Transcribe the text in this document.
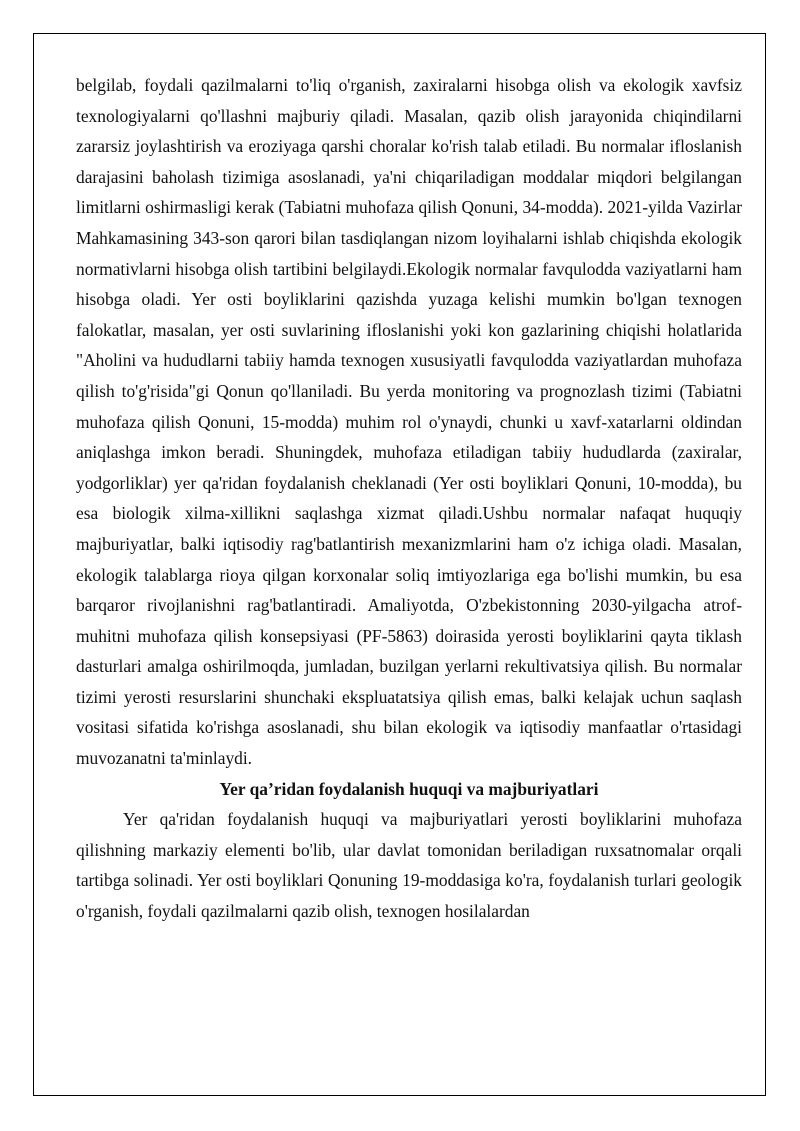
belgilab, foydali qazilmalarni to'liq o'rganish, zaxiralarni hisobga olish va ekologik xavfsiz texnologiyalarni qo'llashni majburiy qiladi. Masalan, qazib olish jarayonida chiqindilarni zararsiz joylashtirish va eroziyaga qarshi choralar ko'rish talab etiladi. Bu normalar ifloslanish darajasini baholash tizimiga asoslanadi, ya'ni chiqariladigan moddalar miqdori belgilangan limitlarni oshirmasligi kerak (Tabiatni muhofaza qilish Qonuni, 34-modda). 2021-yilda Vazirlar Mahkamasining 343-son qarori bilan tasdiqlangan nizom loyihalarni ishlab chiqishda ekologik normativlarni hisobga olish tartibini belgilaydi.Ekologik normalar favqulodda vaziyatlarni ham hisobga oladi. Yer osti boyliklarini qazishda yuzaga kelishi mumkin bo'lgan texnogen falokatlar, masalan, yer osti suvlarining ifloslanishi yoki kon gazlarining chiqishi holatlarida "Aholini va hududlarni tabiiy hamda texnogen xususiyatli favqulodda vaziyatlardan muhofaza qilish to'g'risida"gi Qonun qo'llaniladi. Bu yerda monitoring va prognozlash tizimi (Tabiatni muhofaza qilish Qonuni, 15-modda) muhim rol o'ynaydi, chunki u xavf-xatarlarni oldindan aniqlashga imkon beradi. Shuningdek, muhofaza etiladigan tabiiy hududlarda (zaxiralar, yodgorliklar) yer qa'ridan foydalanish cheklanadi (Yer osti boyliklari Qonuni, 10-modda), bu esa biologik xilma-xillikni saqlashga xizmat qiladi.Ushbu normalar nafaqat huquqiy majburiyatlar, balki iqtisodiy rag'batlantirish mexanizmlarini ham o'z ichiga oladi. Masalan, ekologik talablarga rioya qilgan korxonalar soliq imtiyozlariga ega bo'lishi mumkin, bu esa barqaror rivojlanishni rag'batlantiradi. Amaliyotda, O'zbekistonning 2030-yilgacha atrof-muhitni muhofaza qilish konsepsiyasi (PF-5863) doirasida yerosti boyliklarini qayta tiklash dasturlari amalga oshirilmoqda, jumladan, buzilgan yerlarni rekultivatsiya qilish. Bu normalar tizimi yerosti resurslarini shunchaki ekspluatatsiya qilish emas, balki kelajak uchun saqlash vositasi sifatida ko'rishga asoslanadi, shu bilan ekologik va iqtisodiy manfaatlar o'rtasidagi muvozanatni ta'minlaydi.

Yer qa’ridan foydalanish huquqi va majburiyatlari

Yer qa'ridan foydalanish huquqi va majburiyatlari yerosti boyliklarini muhofaza qilishning markaziy elementi bo'lib, ular davlat tomonidan beriladigan ruxsatnomalar orqali tartibga solinadi. Yer osti boyliklari Qonuning 19-moddasiga ko'ra, foydalanish turlari geologik o'rganish, foydali qazilmalarni qazib olish, texnogen hosilalardan
